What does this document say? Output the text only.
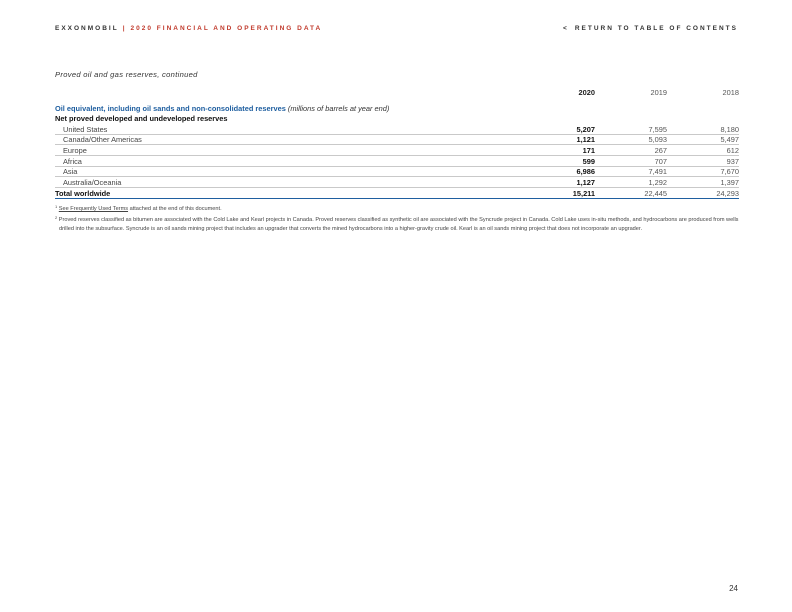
EXXONMOBIL | 2020 FINANCIAL AND OPERATING DATA	< RETURN TO TABLE OF CONTENTS
Proved oil and gas reserves, continued
2020	2019	2018
Oil equivalent, including oil sands and non-consolidated reserves (millions of barrels at year end)
Net proved developed and undeveloped reserves
United States	5,207	7,595	8,180
Canada/Other Americas	1,121	5,093	5,497
Europe	171	267	612
Africa	599	707	937
Asia	6,986	7,491	7,670
Australia/Oceania	1,127	1,292	1,397
Total worldwide	15,211	22,445	24,293

$^1$ See Frequently Used Terms attached at the end of this document.

$^2$ Proved reserves classified as bitumen are associated with the Cold Lake and Kearl projects in Canada. Proved reserves classified as synthetic oil are associated with the Syncrude project in Canada. Cold Lake uses in-situ methods, and hydrocarbons are produced from wells drilled into the subsurface. Syncrude is an oil sands mining project that includes an upgrader that converts the mined hydrocarbons into a higher-gravity crude oil. Kearl is an oil sands mining project that does not incorporate an upgrader.

24
